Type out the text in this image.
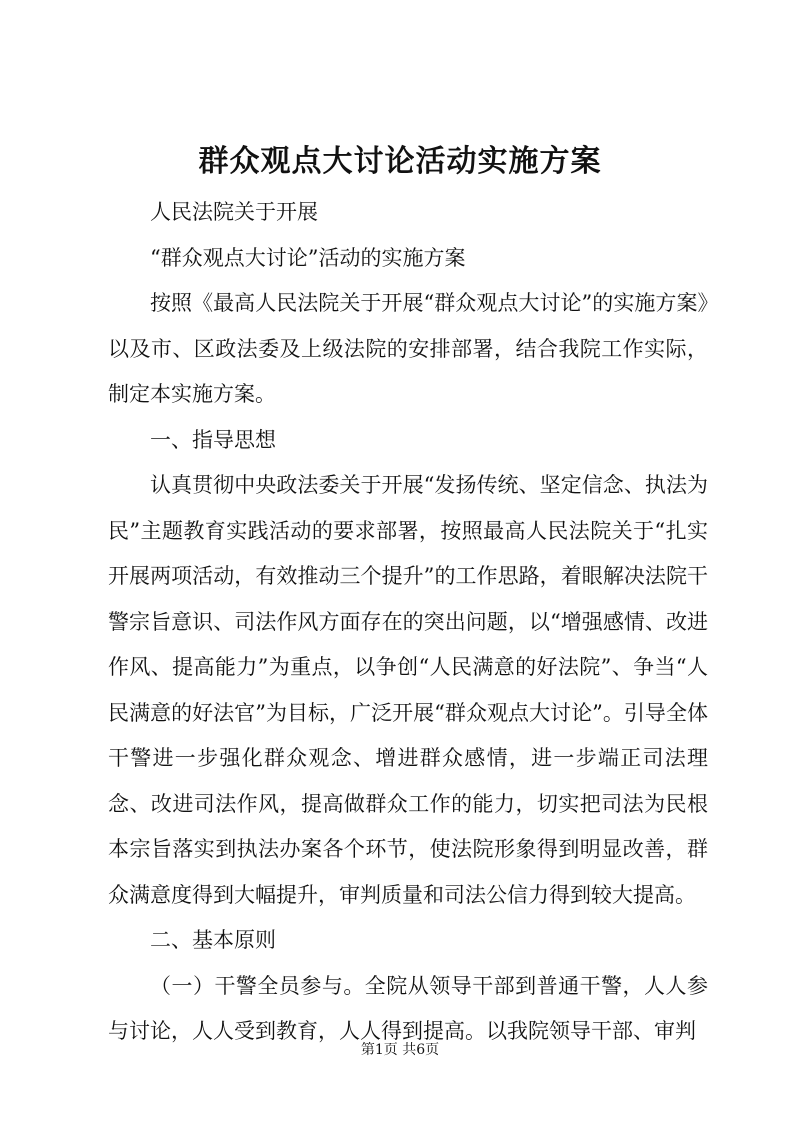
群众观点大讨论活动实施方案

人民法院关于开展

“群众观点大讨论”活动的实施方案

按照《最高人民法院关于开展“群众观点大讨论”的实施方案》以及市、区政法委及上级法院的安排部署，结合我院工作实际，制定本实施方案。

一、指导思想

认真贯彻中央政法委关于开展“发扬传统、坚定信念、执法为民”主题教育实践活动的要求部署，按照最高人民法院关于“扎实开展两项活动，有效推动三个提升”的工作思路，着眼解决法院干警宗旨意识、司法作风方面存在的突出问题，以“增强感情、改进作风、提高能力”为重点，以争创“人民满意的好法院”、争当“人民满意的好法官”为目标，广泛开展“群众观点大讨论”。引导全体干警进一步强化群众观念、增进群众感情，进一步端正司法理念、改进司法作风，提高做群众工作的能力，切实把司法为民根本宗旨落实到执法办案各个环节，使法院形象得到明显改善，群众满意度得到大幅提升，审判质量和司法公信力得到较大提高。

二、基本原则

（一）干警全员参与。全院从领导干部到普通干警，人人参与讨论，人人受到教育，人人得到提高。以我院领导干部、审判

第1页 共6页
